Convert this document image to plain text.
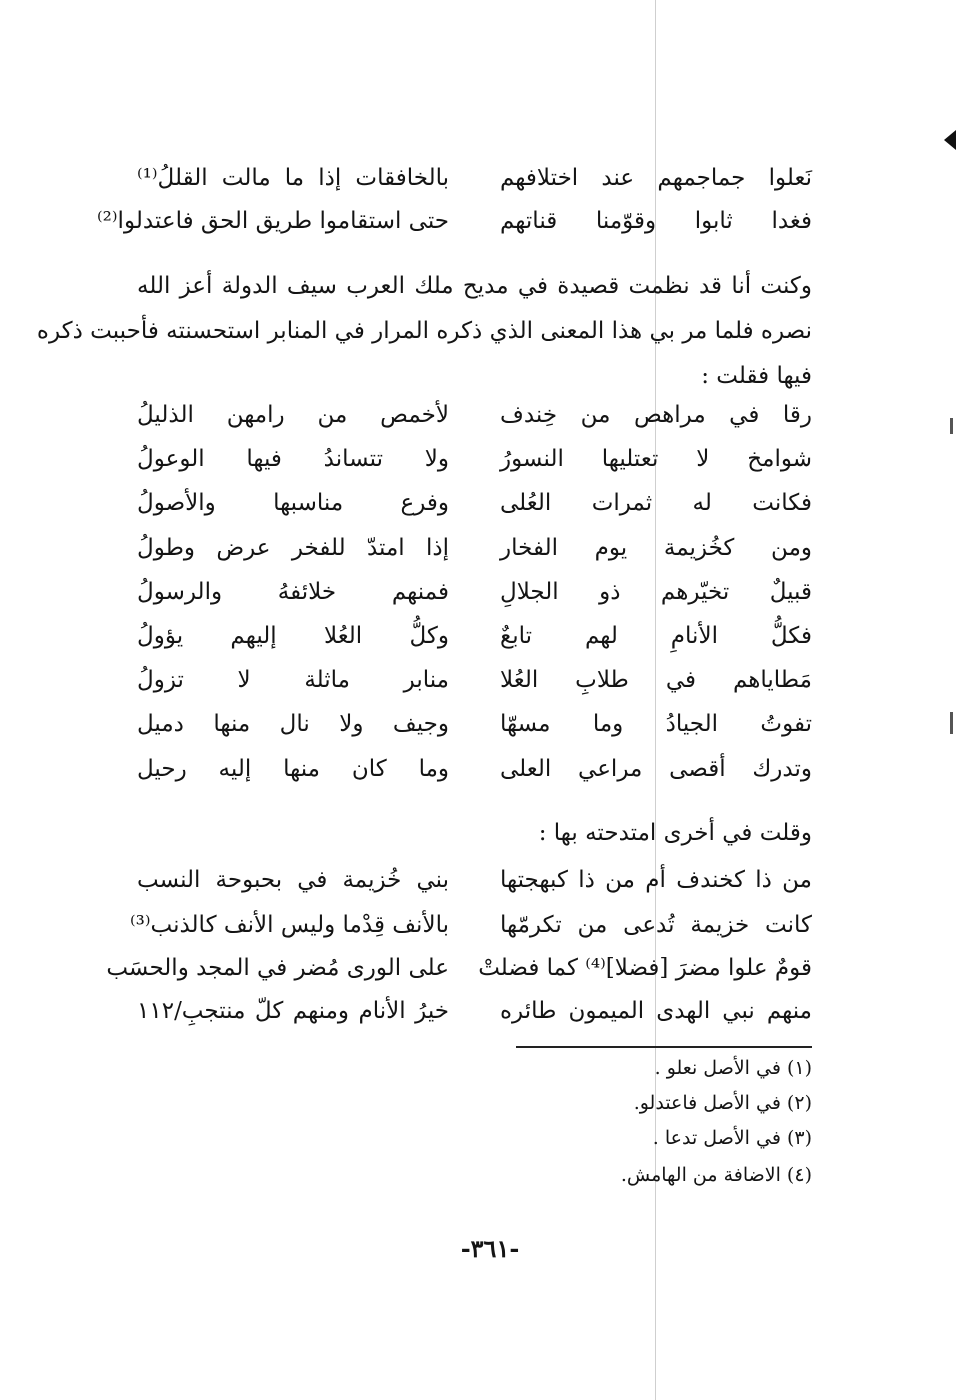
نَعلوا جماجمهم عند اختلافهم
بالخافقات إذا ما مالت القللُ⁽¹⁾
فغدا ثابوا وقوّمنا قناتهم
حتى استقاموا طريق الحق فاعتدلوا⁽²⁾
وكنت أنا قد نظمت قصيدة في مديح ملك العرب سيف الدولة أعز الله
نصره فلما مر بي هذا المعنى الذي ذكره المرار في المنابر استحسنته فأحببت ذكره
فيها فقلت :
رقا في مراهص من خِندف
لأخمص من رامهن الذليلُ
شوامخ لا تعتليها النسورُ
ولا تتساندُ فيها الوعولُ
فكانت له ثمرات العُلى
وفرع مناسبها والأصولُ
ومن كخُزيمة يوم الفخار
إذا امتدّ للفخر عرض وطولُ
قبيلٌ تخيّرهم ذو الجلالِ
فمنهم خلائفهُ والرسولُ
فكلُّ الأنامِ لهم تابعٌ
وكلُّ العُلا إليهم يؤولُ
مَطاياهم في طلابِ العُلا
منابر ماثلة لا تزولُ
تفوتُ الجيادُ وما مسهّا
وجيف ولا نال منها دميل
وتدرك أقصى مراعي العلى
وما كان منها إليه رحيل
وقلت في أخرى امتدحته بها :
من ذا كخندف أم من ذا كبهجتها
بني خُزيمة في بحبوحة النسب
كانت خزيمة تُدعى من تكرمّها
بالأنف قِدْما وليس الأنف كالذنب⁽³⁾
قومٌ علوا مضرَ [فضلا]⁽⁴⁾ كما فضلتْ
على الورى مُضر في المجد والحسَب
منهم نبي الهدى الميمون طائره
خيرُ الأنام ومنهم كلّ منتجبِ/١١٢
(١) في الأصل نعلو .
(٢) في الأصل فاعتدلو.
(٣) في الأصل تدعا .
(٤) الاضافة من الهامش.
-٣٦١-
